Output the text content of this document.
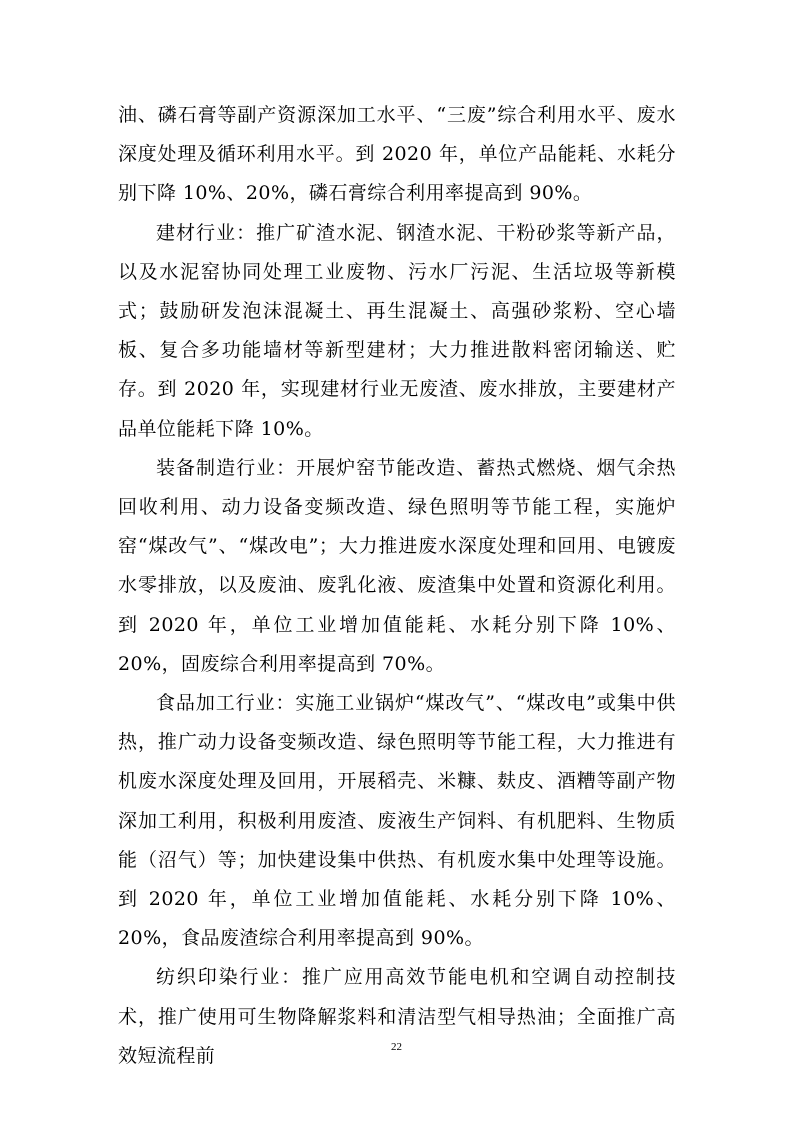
油、磷石膏等副产资源深加工水平、“三废”综合利用水平、废水深度处理及循环利用水平。到 2020 年，单位产品能耗、水耗分别下降 10%、20%，磷石膏综合利用率提高到 90%。

建材行业：推广矿渣水泥、钢渣水泥、干粉砂浆等新产品，以及水泥窑协同处理工业废物、污水厂污泥、生活垃圾等新模式；鼓励研发泡沫混凝土、再生混凝土、高强砂浆粉、空心墙板、复合多功能墙材等新型建材；大力推进散料密闭输送、贮存。到 2020 年，实现建材行业无废渣、废水排放，主要建材产品单位能耗下降 10%。

装备制造行业：开展炉窑节能改造、蓄热式燃烧、烟气余热回收利用、动力设备变频改造、绿色照明等节能工程，实施炉窑“煤改气”、“煤改电”；大力推进废水深度处理和回用、电镀废水零排放，以及废油、废乳化液、废渣集中处置和资源化利用。到 2020 年，单位工业增加值能耗、水耗分别下降 10%、20%，固废综合利用率提高到 70%。

食品加工行业：实施工业锅炉“煤改气”、“煤改电”或集中供热，推广动力设备变频改造、绿色照明等节能工程，大力推进有机废水深度处理及回用，开展稻壳、米糠、麸皮、酒糟等副产物深加工利用，积极利用废渣、废液生产饲料、有机肥料、生物质能（沼气）等；加快建设集中供热、有机废水集中处理等设施。到 2020 年，单位工业增加值能耗、水耗分别下降 10%、20%，食品废渣综合利用率提高到 90%。

纺织印染行业：推广应用高效节能电机和空调自动控制技术，推广使用可生物降解浆料和清洁型气相导热油；全面推广高效短流程前	22
